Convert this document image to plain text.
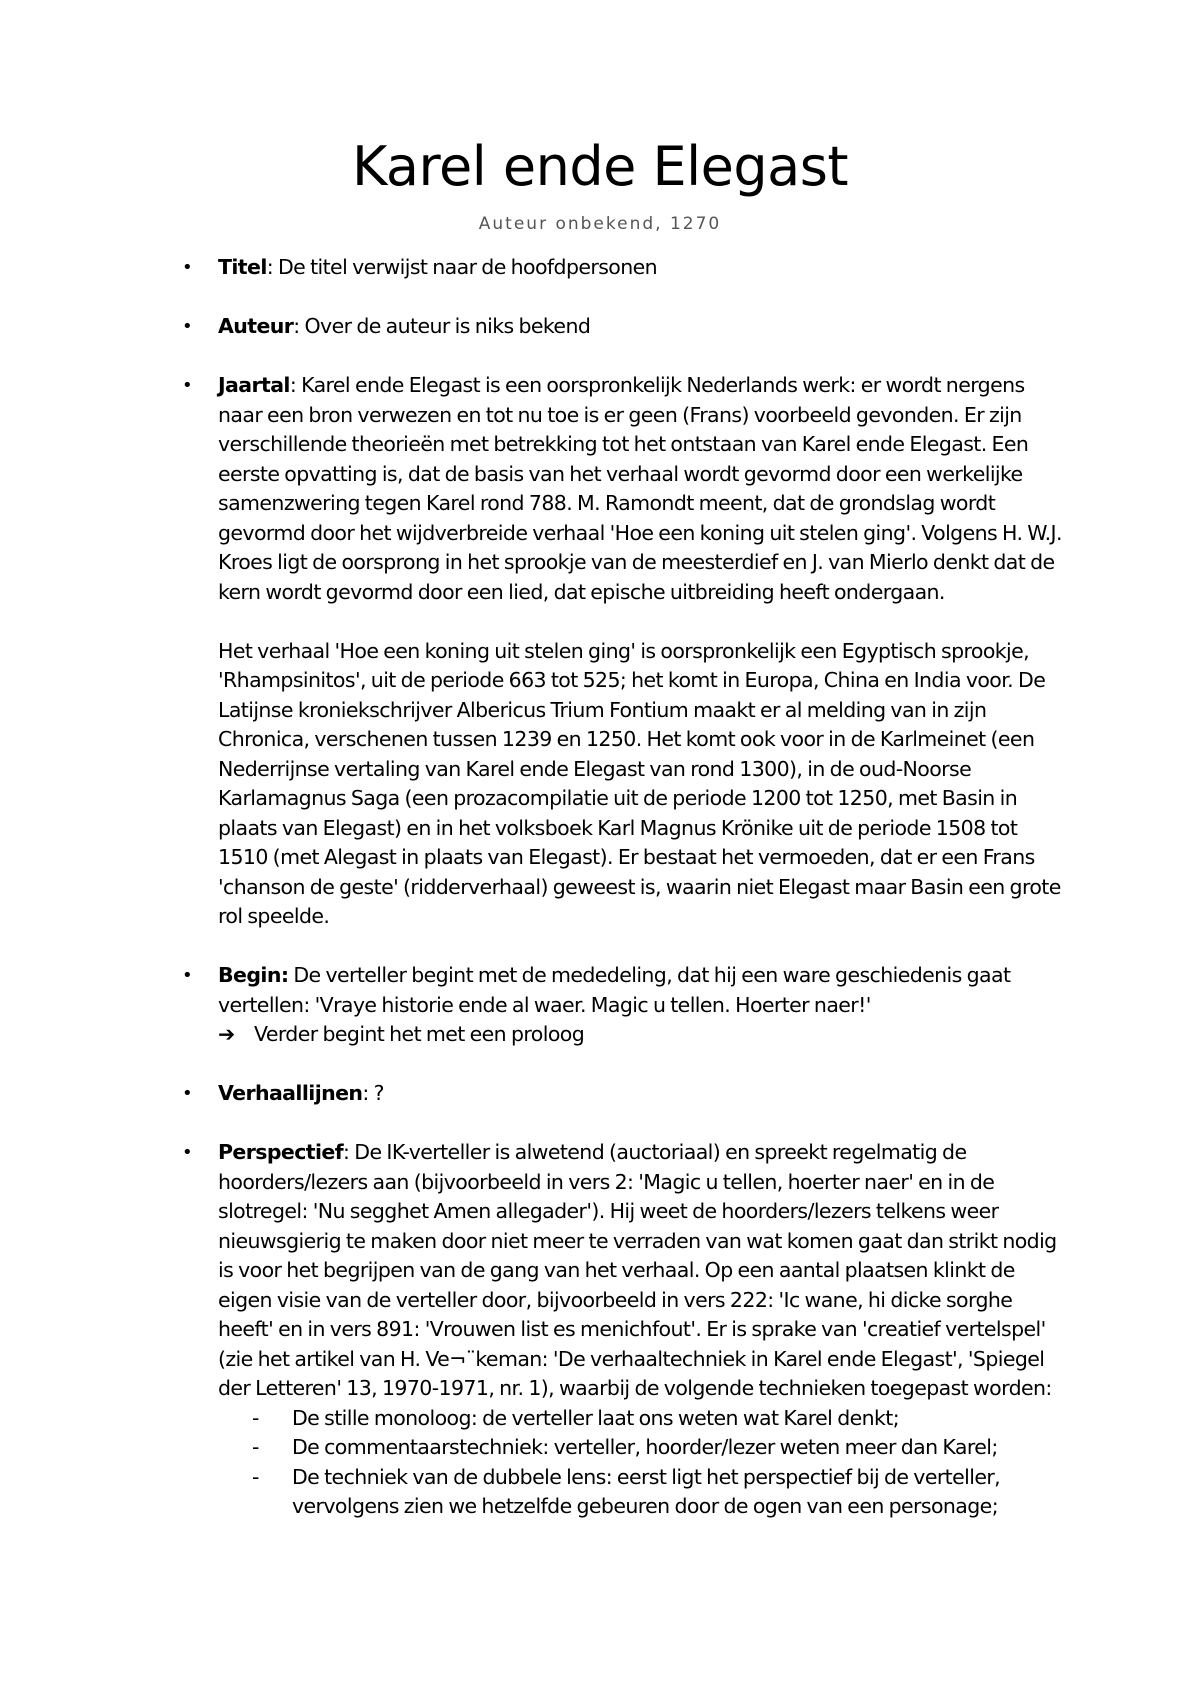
Karel ende Elegast
Auteur onbekend, 1270
• Titel: De titel verwijst naar de hoofdpersonen
• Auteur: Over de auteur is niks bekend
• Jaartal: Karel ende Elegast is een oorspronkelijk Nederlands werk: er wordt nergens naar een bron verwezen en tot nu toe is er geen (Frans) voorbeeld gevonden. Er zijn verschillende theorieën met betrekking tot het ontstaan van Karel ende Elegast. Een eerste opvatting is, dat de basis van het verhaal wordt gevormd door een werkelijke samenzwering tegen Karel rond 788. M. Ramondt meent, dat de grondslag wordt gevormd door het wijdverbreide verhaal 'Hoe een koning uit stelen ging'. Volgens H. W.J. Kroes ligt de oorsprong in het sprookje van de meesterdief en J. van Mierlo denkt dat de kern wordt gevormd door een lied, dat epische uitbreiding heeft ondergaan.
Het verhaal 'Hoe een koning uit stelen ging' is oorspronkelijk een Egyptisch sprookje, 'Rhampsinitos', uit de periode 663 tot 525; het komt in Europa, China en India voor. De Latijnse kroniekschrijver Albericus Trium Fontium maakt er al melding van in zijn Chronica, verschenen tussen 1239 en 1250. Het komt ook voor in de Karlmeinet (een Nederrijnse vertaling van Karel ende Elegast van rond 1300), in de oud-Noorse Karlamagnus Saga (een prozacompilatie uit de periode 1200 tot 1250, met Basin in plaats van Elegast) en in het volksboek Karl Magnus Krönike uit de periode 1508 tot 1510 (met Alegast in plaats van Elegast). Er bestaat het vermoeden, dat er een Frans 'chanson de geste' (ridderverhaal) geweest is, waarin niet Elegast maar Basin een grote rol speelde.
• Begin: De verteller begint met de mededeling, dat hij een ware geschiedenis gaat vertellen: 'Vraye historie ende al waer. Magic u tellen. Hoerter naer!'
➔ Verder begint het met een proloog
• Verhaallijnen: ?
• Perspectief: De IK-verteller is alwetend (auctoriaal) en spreekt regelmatig de hoorders/lezers aan (bijvoorbeeld in vers 2: 'Magic u tellen, hoerter naer' en in de slotregel: 'Nu segghet Amen allegader'). Hij weet de hoorders/lezers telkens weer nieuwsgierig te maken door niet meer te verraden van wat komen gaat dan strikt nodig is voor het begrijpen van de gang van het verhaal. Op een aantal plaatsen klinkt de eigen visie van de verteller door, bijvoorbeeld in vers 222: 'Ic wane, hi dicke sorghe heeft' en in vers 891: 'Vrouwen list es menichfout'. Er is sprake van 'creatief vertelspel' (zie het artikel van H. Ve¬¨keman: 'De verhaaltechniek in Karel ende Elegast', 'Spiegel der Letteren' 13, 1970-1971, nr. 1), waarbij de volgende technieken toegepast worden:
- De stille monoloog: de verteller laat ons weten wat Karel denkt;
- De commentaarstechniek: verteller, hoorder/lezer weten meer dan Karel;
- De techniek van de dubbele lens: eerst ligt het perspectief bij de verteller, vervolgens zien we hetzelfde gebeuren door de ogen van een personage;
